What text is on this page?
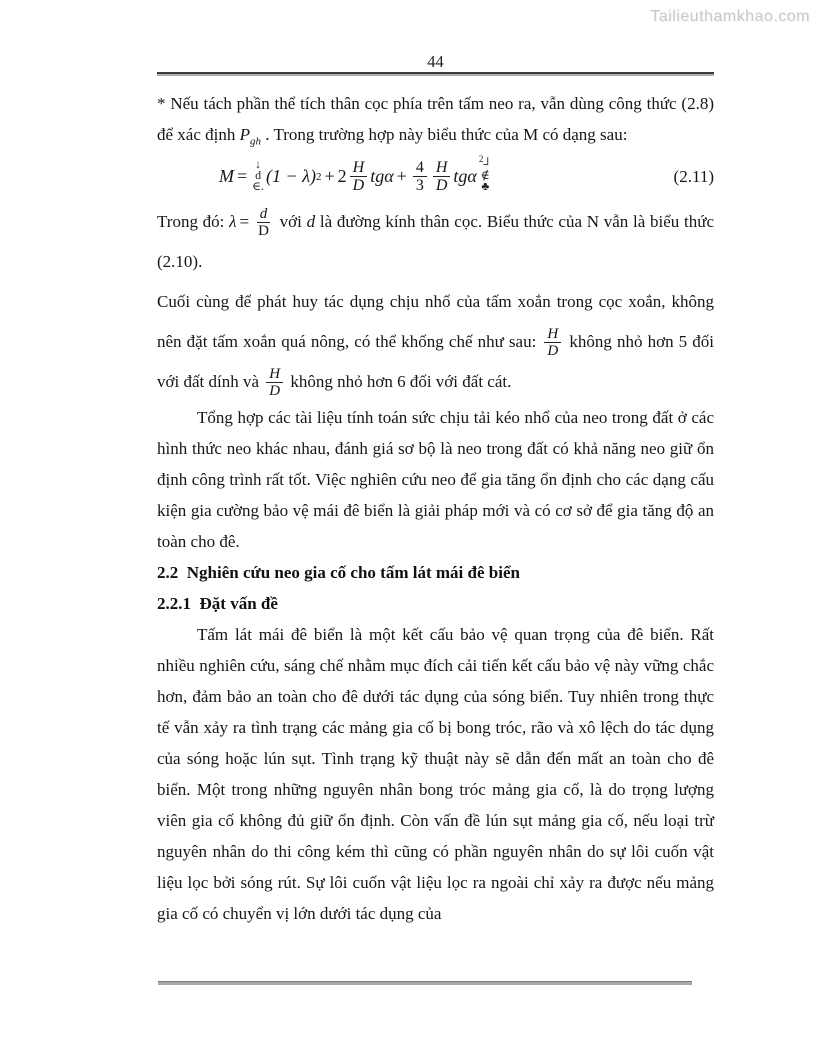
Tailieuthamkhao.com
44

* Nếu tách phần thể tích thân cọc phía trên tấm neo ra, vẫn dùng công thức (2.8) để xác định $P_{gh}$ . Trong trường hợp này biểu thức của M có dạng sau:

M =
↓
d
∈. (1 − λ) $2 + 2 \frac{H}{D}$ $tg\alpha + \frac{4}{3} \frac{H}{D}$ tgα
2 ┘
∉
♣
(2.11)

Trong đó: $\lambda = \frac{d}{D}$ với d là đường kính thân cọc. Biểu thức của N vẫn là biểu thức (2.10).

Cuối cùng để phát huy tác dụng chịu nhổ của tấm xoắn trong cọc xoắn, không nên đặt tấm xoắn quá nông, có thể khống chế như sau: $\frac{H}{D}$ không nhỏ hơn 5 đối với đất dính và $\frac{H}{D}$ không nhỏ hơn 6 đối với đất cát.

Tổng hợp các tài liệu tính toán sức chịu tải kéo nhổ của neo trong đất ở các hình thức neo khác nhau, đánh giá sơ bộ là neo trong đất có khả năng neo giữ ổn định công trình rất tốt. Việc nghiên cứu neo để gia tăng ổn định cho các dạng cấu kiện gia cường bảo vệ mái đê biển là giải pháp mới và có cơ sở để gia tăng độ an toàn cho đê.

2.2  Nghiên cứu neo gia cố cho tấm lát mái đê biển
2.2.1  Đặt vấn đề

Tấm lát mái đê biển là một kết cấu bảo vệ quan trọng của đê biển. Rất nhiều nghiên cứu, sáng chế nhằm mục đích cải tiến kết cấu bảo vệ này vững chắc hơn, đảm bảo an toàn cho đê dưới tác dụng của sóng biển. Tuy nhiên trong thực tế vẫn xảy ra tình trạng các mảng gia cố bị bong tróc, rão và xô lệch do tác dụng của sóng hoặc lún sụt. Tình trạng kỹ thuật này sẽ dẫn đến mất an toàn cho đê biển. Một trong những nguyên nhân bong tróc mảng gia cố, là do trọng lượng viên gia cố không đủ giữ ổn định. Còn vấn đề lún sụt mảng gia cố, nếu loại trừ nguyên nhân do thi công kém thì cũng có phần nguyên nhân do sự lôi cuốn vật liệu lọc bởi sóng rút. Sự lôi cuốn vật liệu lọc ra ngoài chỉ xảy ra được nếu mảng gia cố có chuyển vị lớn dưới tác dụng của
